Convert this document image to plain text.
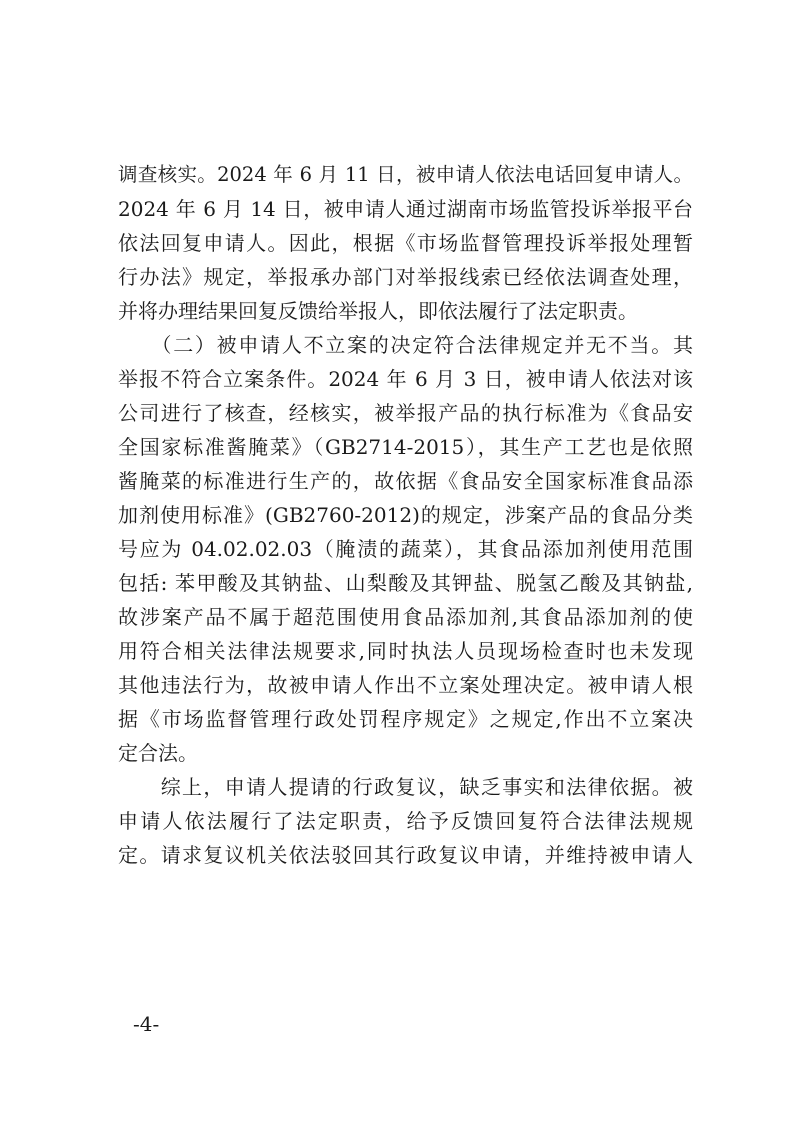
调查核实。2024 年 6 月 11 日，被申请人依法电话回复申请人。
2024 年 6 月 14 日，被申请人通过湖南市场监管投诉举报平台
依法回复申请人。因此，根据《市场监督管理投诉举报处理暂
行办法》规定，举报承办部门对举报线索已经依法调查处理，
并将办理结果回复反馈给举报人，即依法履行了法定职责。
　　（二）被申请人不立案的决定符合法律规定并无不当。其
举报不符合立案条件。2024 年 6 月 3 日，被申请人依法对该
公司进行了核查，经核实，被举报产品的执行标准为《食品安
全国家标准酱腌菜》（GB2714-2015），其生产工艺也是依照
酱腌菜的标准进行生产的，故依据《食品安全国家标准食品添
加剂使用标准》(GB2760-2012)的规定，涉案产品的食品分类
号应为 04.02.02.03（腌渍的蔬菜），其食品添加剂使用范围
包括: 苯甲酸及其钠盐、山梨酸及其钾盐、脱氢乙酸及其钠盐,
故涉案产品不属于超范围使用食品添加剂,其食品添加剂的使
用符合相关法律法规要求,同时执法人员现场检查时也未发现
其他违法行为，故被申请人作出不立案处理决定。被申请人根
据《市场监督管理行政处罚程序规定》之规定,作出不立案决
定合法。
　　综上，申请人提请的行政复议，缺乏事实和法律依据。被
申请人依法履行了法定职责，给予反馈回复符合法律法规规
定。请求复议机关依法驳回其行政复议申请，并维持被申请人
-4-
